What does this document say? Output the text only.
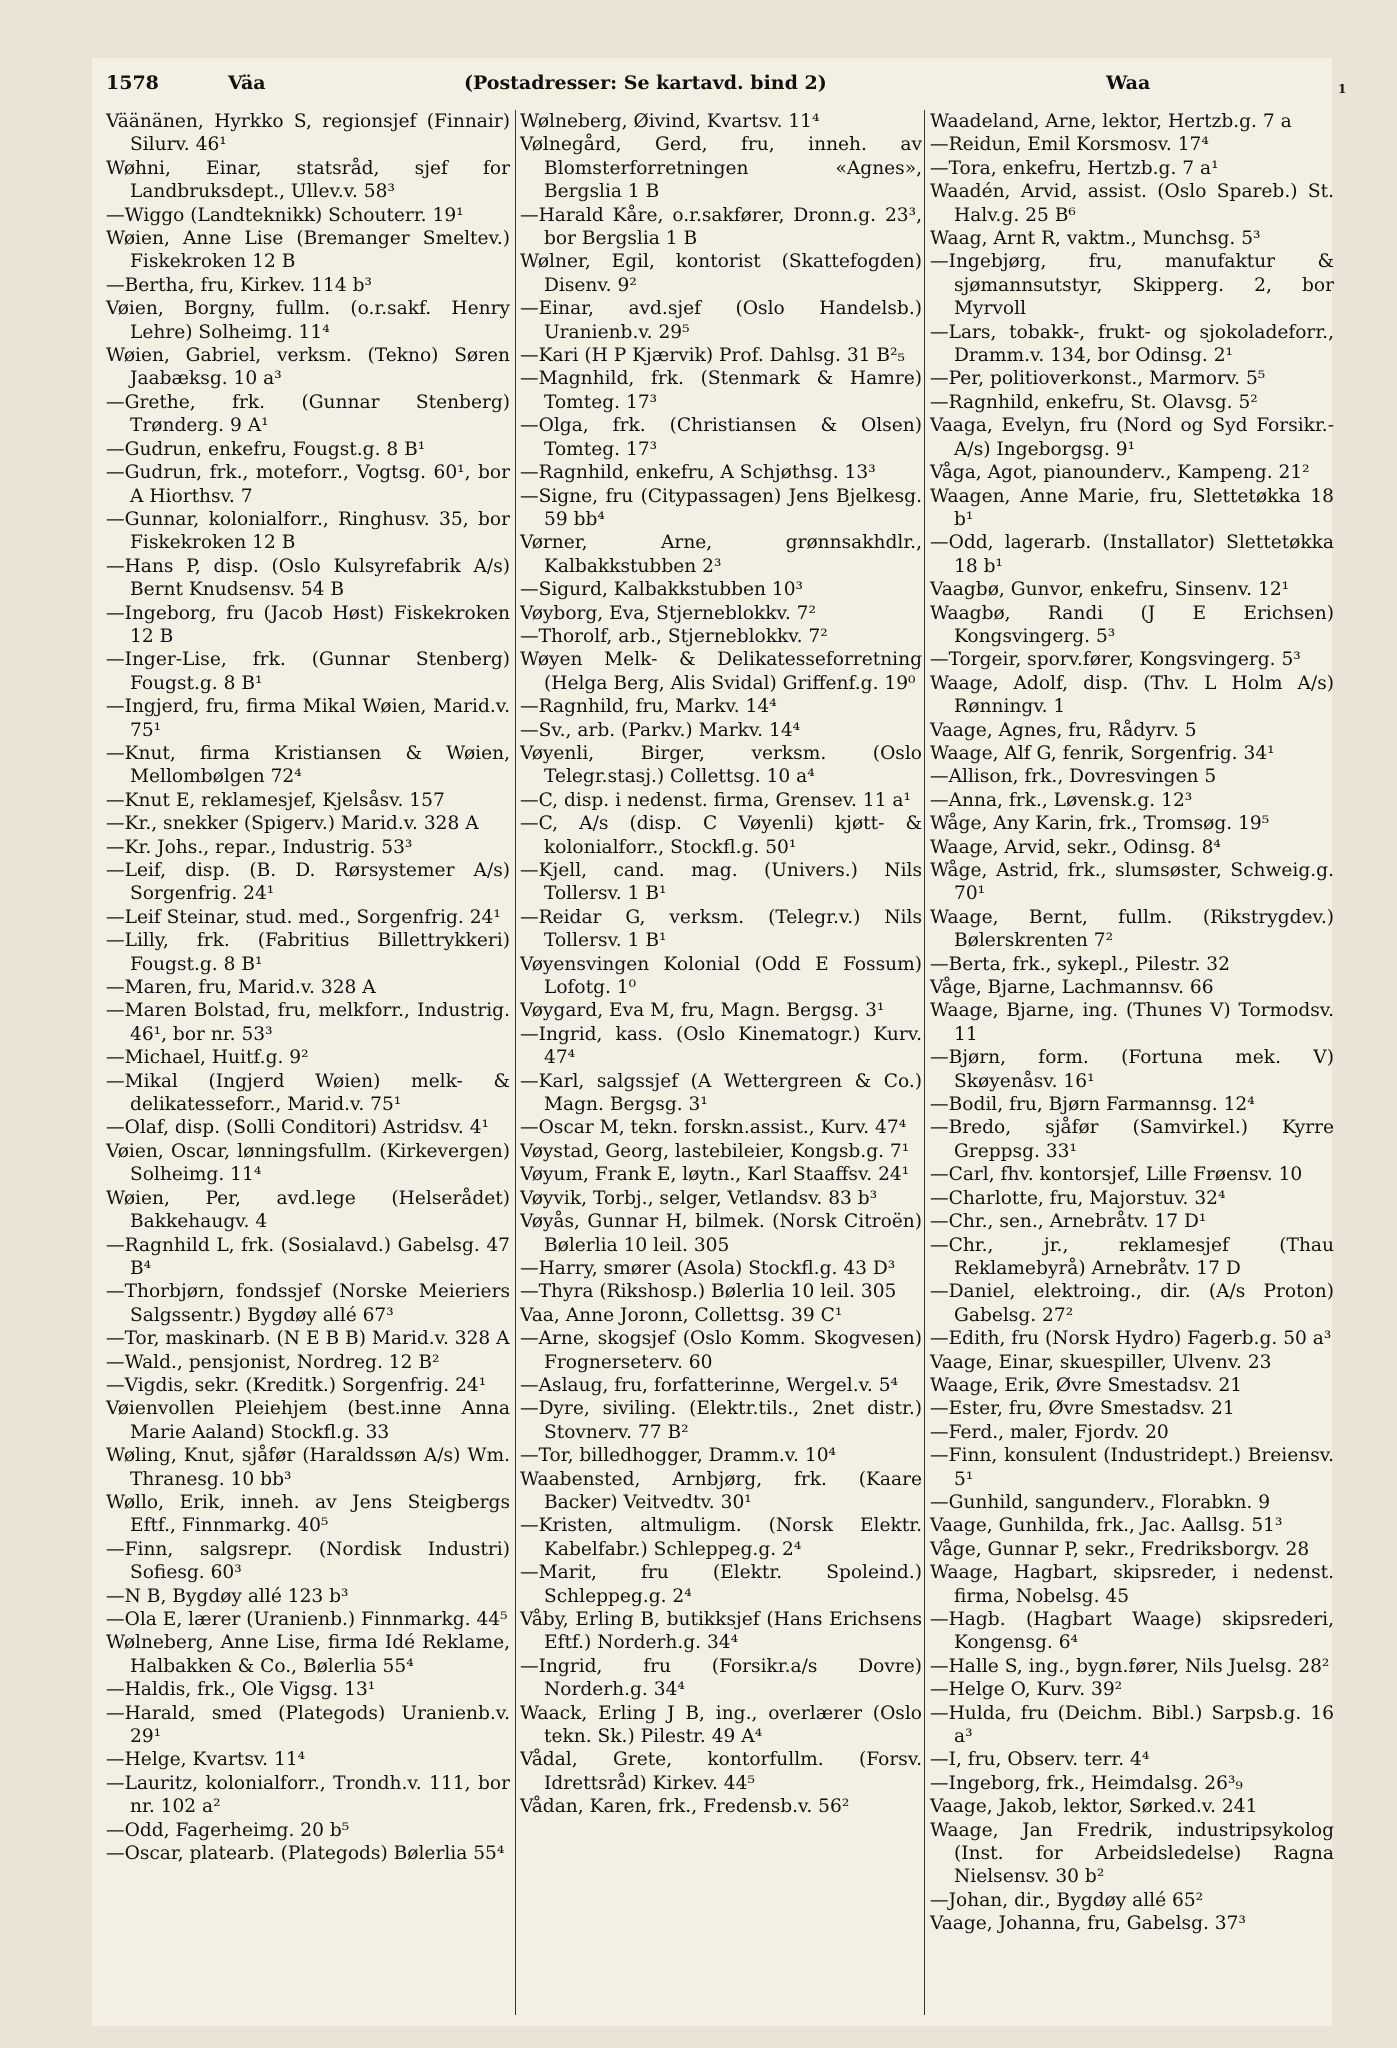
1578	Väa	(Postadresser: Se kartavd. bind 2)	Waa	1

Väänänen, Hyrkko S, regionsjef (Finnair) Silurv. 46¹

Wøhni, Einar, statsråd, sjef for Landbruksdept., Ullev.v. 58³

—Wiggo (Landteknikk) Schouterr. 19¹

Wøien, Anne Lise (Bremanger Smeltev.) Fiskekroken 12 B

—Bertha, fru, Kirkev. 114 b³

Vøien, Borgny, fullm. (o.r.sakf. Henry Lehre) Solheimg. 11⁴

Wøien, Gabriel, verksm. (Tekno) Søren Jaabæksg. 10 a³

—Grethe, frk. (Gunnar Stenberg) Trønderg. 9 A¹

—Gudrun, enkefru, Fougst.g. 8 B¹

—Gudrun, frk., moteforr., Vogtsg. 60¹, bor A Hiorthsv. 7

—Gunnar, kolonialforr., Ringhusv. 35, bor Fiskekroken 12 B

—Hans P, disp. (Oslo Kulsyrefabrik A/s) Bernt Knudsensv. 54 B

—Ingeborg, fru (Jacob Høst) Fiskekroken 12 B

—Inger-Lise, frk. (Gunnar Stenberg) Fougst.g. 8 B¹

—Ingjerd, fru, firma Mikal Wøien, Marid.v. 75¹

—Knut, firma Kristiansen & Wøien, Mellombølgen 72⁴

—Knut E, reklamesjef, Kjelsåsv. 157

—Kr., snekker (Spigerv.) Marid.v. 328 A

—Kr. Johs., repar., Industrig. 53³

—Leif, disp. (B. D. Rørsystemer A/s) Sorgenfrig. 24¹

—Leif Steinar, stud. med., Sorgenfrig. 24¹

—Lilly, frk. (Fabritius Billettrykkeri) Fougst.g. 8 B¹

—Maren, fru, Marid.v. 328 A

—Maren Bolstad, fru, melkforr., Industrig. 46¹, bor nr. 53³

—Michael, Huitf.g. 9²

—Mikal (Ingjerd Wøien) melk- & delikatesseforr., Marid.v. 75¹

—Olaf, disp. (Solli Conditori) Astridsv. 4¹

Vøien, Oscar, lønningsfullm. (Kirkevergen) Solheimg. 11⁴

Wøien, Per, avd.lege (Helserådet) Bakkehaugv. 4

—Ragnhild L, frk. (Sosialavd.) Gabelsg. 47 B⁴

—Thorbjørn, fondssjef (Norske Meieriers Salgssentr.) Bygdøy allé 67³

—Tor, maskinarb. (N E B B) Marid.v. 328 A

—Wald., pensjonist, Nordreg. 12 B²

—Vigdis, sekr. (Kreditk.) Sorgenfrig. 24¹

Vøienvollen Pleiehjem (best.inne Anna Marie Aaland) Stockfl.g. 33

Wøling, Knut, sjåfør (Haraldssøn A/s) Wm. Thranesg. 10 bb³

Wøllo, Erik, inneh. av Jens Steigbergs Eftf., Finnmarkg. 40⁵

—Finn, salgsrepr. (Nordisk Industri) Sofiesg. 60³

—N B, Bygdøy allé 123 b³

—Ola E, lærer (Uranienb.) Finnmarkg. 44⁵

Wølneberg, Anne Lise, firma Idé Reklame, Halbakken & Co., Bølerlia 55⁴

—Haldis, frk., Ole Vigsg. 13¹

—Harald, smed (Plategods) Uranienb.v. 29¹

—Helge, Kvartsv. 11⁴

—Lauritz, kolonialforr., Trondh.v. 111, bor nr. 102 a²

—Odd, Fagerheimg. 20 b⁵

—Oscar, platearb. (Plategods) Bølerlia 55⁴

Wølneberg, Øivind, Kvartsv. 11⁴

Vølnegård, Gerd, fru, inneh. av Blomsterforretningen «Agnes», Bergslia 1 B

—Harald Kåre, o.r.sakfører, Dronn.g. 23³, bor Bergslia 1 B

Wølner, Egil, kontorist (Skattefogden) Disenv. 9²

—Einar, avd.sjef (Oslo Handelsb.) Uranienb.v. 29⁵

—Kari (H P Kjærvik) Prof. Dahlsg. 31 B²₅

—Magnhild, frk. (Stenmark & Hamre) Tomteg. 17³

—Olga, frk. (Christiansen & Olsen) Tomteg. 17³

—Ragnhild, enkefru, A Schjøthsg. 13³

—Signe, fru (Citypassagen) Jens Bjelkesg. 59 bb⁴

Vørner, Arne, grønnsakhdlr., Kalbakkstubben 2³

—Sigurd, Kalbakkstubben 10³

Vøyborg, Eva, Stjerneblokkv. 7²

—Thorolf, arb., Stjerneblokkv. 7²

Wøyen Melk- & Delikatesseforretning (Helga Berg, Alis Svidal) Griffenf.g. 19⁰

—Ragnhild, fru, Markv. 14⁴

—Sv., arb. (Parkv.) Markv. 14⁴

Vøyenli, Birger, verksm. (Oslo Telegr.stasj.) Collettsg. 10 a⁴

—C, disp. i nedenst. firma, Grensev. 11 a¹

—C, A/s (disp. C Vøyenli) kjøtt- & kolonialforr., Stockfl.g. 50¹

—Kjell, cand. mag. (Univers.) Nils Tollersv. 1 B¹

—Reidar G, verksm. (Telegr.v.) Nils Tollersv. 1 B¹

Vøyensvingen Kolonial (Odd E Fossum) Lofotg. 1⁰

Vøygard, Eva M, fru, Magn. Bergsg. 3¹

—Ingrid, kass. (Oslo Kinematogr.) Kurv. 47⁴

—Karl, salgssjef (A Wettergreen & Co.) Magn. Bergsg. 3¹

—Oscar M, tekn. forskn.assist., Kurv. 47⁴

Vøystad, Georg, lastebileier, Kongsb.g. 7¹

Vøyum, Frank E, løytn., Karl Staaffsv. 24¹

Vøyvik, Torbj., selger, Vetlandsv. 83 b³

Vøyås, Gunnar H, bilmek. (Norsk Citroën) Bølerlia 10 leil. 305

—Harry, smører (Asola) Stockfl.g. 43 D³

—Thyra (Rikshosp.) Bølerlia 10 leil. 305

Vaa, Anne Joronn, Collettsg. 39 C¹

—Arne, skogsjef (Oslo Komm. Skogvesen) Frognerseterv. 60

—Aslaug, fru, forfatterinne, Wergel.v. 5⁴

—Dyre, siviling. (Elektr.tils., 2net distr.) Stovnerv. 77 B²

—Tor, billedhogger, Dramm.v. 10⁴

Waabensted, Arnbjørg, frk. (Kaare Backer) Veitvedtv. 30¹

—Kristen, altmuligm. (Norsk Elektr. Kabelfabr.) Schleppeg.g. 2⁴

—Marit, fru (Elektr. Spoleind.) Schleppeg.g. 2⁴

Våby, Erling B, butikksjef (Hans Erichsens Eftf.) Norderh.g. 34⁴

—Ingrid, fru (Forsikr.a/s Dovre) Norderh.g. 34⁴

Waack, Erling J B, ing., overlærer (Oslo tekn. Sk.) Pilestr. 49 A⁴

Vådal, Grete, kontorfullm. (Forsv. Idrettsråd) Kirkev. 44⁵

Vådan, Karen, frk., Fredensb.v. 56²

Waadeland, Arne, lektor, Hertzb.g. 7 a

—Reidun, Emil Korsmosv. 17⁴

—Tora, enkefru, Hertzb.g. 7 a¹

Waadén, Arvid, assist. (Oslo Spareb.) St. Halv.g. 25 B⁶

Waag, Arnt R, vaktm., Munchsg. 5³

—Ingebjørg, fru, manufaktur & sjømannsutstyr, Skipperg. 2, bor Myrvoll

—Lars, tobakk-, frukt- og sjokoladeforr., Dramm.v. 134, bor Odinsg. 2¹

—Per, politioverkonst., Marmorv. 5⁵

—Ragnhild, enkefru, St. Olavsg. 5²

Vaaga, Evelyn, fru (Nord og Syd Forsikr.-A/s) Ingeborgsg. 9¹

Våga, Agot, pianounderv., Kampeng. 21²

Waagen, Anne Marie, fru, Slettetøkka 18 b¹

—Odd, lagerarb. (Installator) Slettetøkka 18 b¹

Vaagbø, Gunvor, enkefru, Sinsenv. 12¹

Waagbø, Randi (J E Erichsen) Kongsvingerg. 5³

—Torgeir, sporv.fører, Kongsvingerg. 5³

Waage, Adolf, disp. (Thv. L Holm A/s) Rønningv. 1

Vaage, Agnes, fru, Rådyrv. 5

Waage, Alf G, fenrik, Sorgenfrig. 34¹

—Allison, frk., Dovresvingen 5

—Anna, frk., Løvensk.g. 12³

Wåge, Any Karin, frk., Tromsøg. 19⁵

Waage, Arvid, sekr., Odinsg. 8⁴

Wåge, Astrid, frk., slumsøster, Schweig.g. 70¹

Waage, Bernt, fullm. (Rikstrygdev.) Bølerskrenten 7²

—Berta, frk., sykepl., Pilestr. 32

Våge, Bjarne, Lachmannsv. 66

Waage, Bjarne, ing. (Thunes V) Tormodsv. 11

—Bjørn, form. (Fortuna mek. V) Skøyenåsv. 16¹

—Bodil, fru, Bjørn Farmannsg. 12⁴

—Bredo, sjåfør (Samvirkel.) Kyrre Greppsg. 33¹

—Carl, fhv. kontorsjef, Lille Frøensv. 10

—Charlotte, fru, Majorstuv. 32⁴

—Chr., sen., Arnebråtv. 17 D¹

—Chr., jr., reklamesjef (Thau Reklamebyrå) Arnebråtv. 17 D

—Daniel, elektroing., dir. (A/s Proton) Gabelsg. 27²

—Edith, fru (Norsk Hydro) Fagerb.g. 50 a³

Vaage, Einar, skuespiller, Ulvenv. 23

Waage, Erik, Øvre Smestadsv. 21

—Ester, fru, Øvre Smestadsv. 21

—Ferd., maler, Fjordv. 20

—Finn, konsulent (Industridept.) Breiensv. 5¹

—Gunhild, sangunderv., Florabkn. 9

Vaage, Gunhilda, frk., Jac. Aallsg. 51³

Våge, Gunnar P, sekr., Fredriksborgv. 28

Waage, Hagbart, skipsreder, i nedenst. firma, Nobelsg. 45

—Hagb. (Hagbart Waage) skipsrederi, Kongensg. 6⁴

—Halle S, ing., bygn.fører, Nils Juelsg. 28²

—Helge O, Kurv. 39²

—Hulda, fru (Deichm. Bibl.) Sarpsb.g. 16 a³

—I, fru, Observ. terr. 4⁴

—Ingeborg, frk., Heimdalsg. 26³₉

Vaage, Jakob, lektor, Sørked.v. 241

Waage, Jan Fredrik, industripsykolog (Inst. for Arbeidsledelse) Ragna Nielsensv. 30 b²

—Johan, dir., Bygdøy allé 65²

Vaage, Johanna, fru, Gabelsg. 37³
